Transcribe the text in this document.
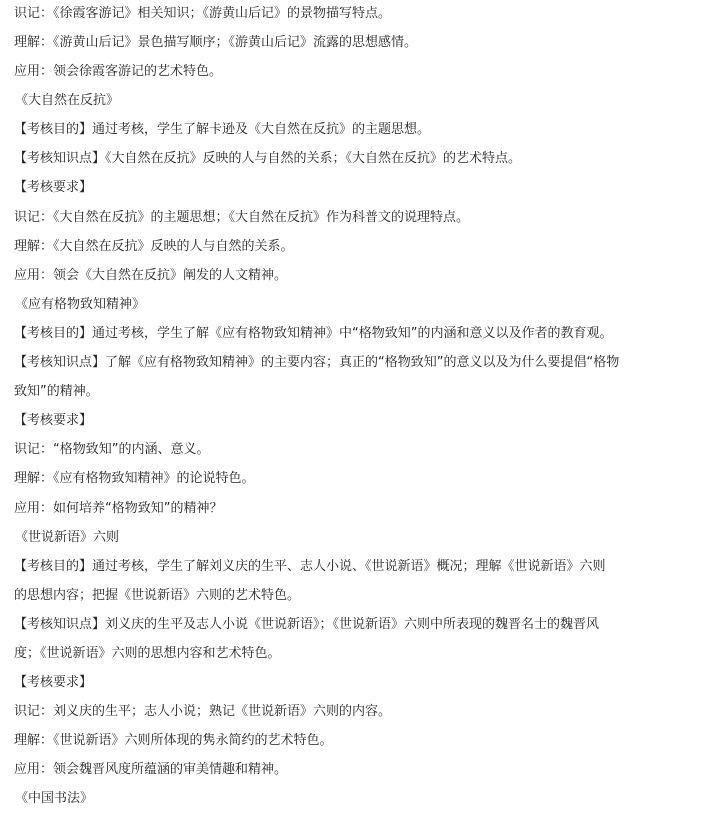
识记：《徐霞客游记》相关知识；《游黄山后记》的景物描写特点。
理解：《游黄山后记》景色描写顺序；《游黄山后记》流露的思想感情。
应用：领会徐霞客游记的艺术特色。
《大自然在反抗》
【考核目的】通过考核，学生了解卡逊及《大自然在反抗》的主题思想。
【考核知识点】《大自然在反抗》反映的人与自然的关系；《大自然在反抗》的艺术特点。
【考核要求】
识记：《大自然在反抗》的主题思想；《大自然在反抗》作为科普文的说理特点。
理解：《大自然在反抗》反映的人与自然的关系。
应用：领会《大自然在反抗》阐发的人文精神。
《应有格物致知精神》
【考核目的】通过考核，学生了解《应有格物致知精神》中“格物致知”的内涵和意义以及作者的教育观。
【考核知识点】了解《应有格物致知精神》的主要内容；真正的“格物致知”的意义以及为什么要提倡“格物
致知”的精神。
【考核要求】
识记：“格物致知”的内涵、意义。
理解：《应有格物致知精神》的论说特色。
应用：如何培养“格物致知”的精神？
《世说新语》六则
【考核目的】通过考核，学生了解刘义庆的生平、志人小说、《世说新语》概况；理解《世说新语》六则
的思想内容；把握《世说新语》六则的艺术特色。
【考核知识点】刘义庆的生平及志人小说《世说新语》；《世说新语》六则中所表现的魏晋名士的魏晋风
度；《世说新语》六则的思想内容和艺术特色。
【考核要求】
识记：刘义庆的生平；志人小说；熟记《世说新语》六则的内容。
理解：《世说新语》六则所体现的隽永简约的艺术特色。
应用：领会魏晋风度所蕴涵的审美情趣和精神。
《中国书法》
